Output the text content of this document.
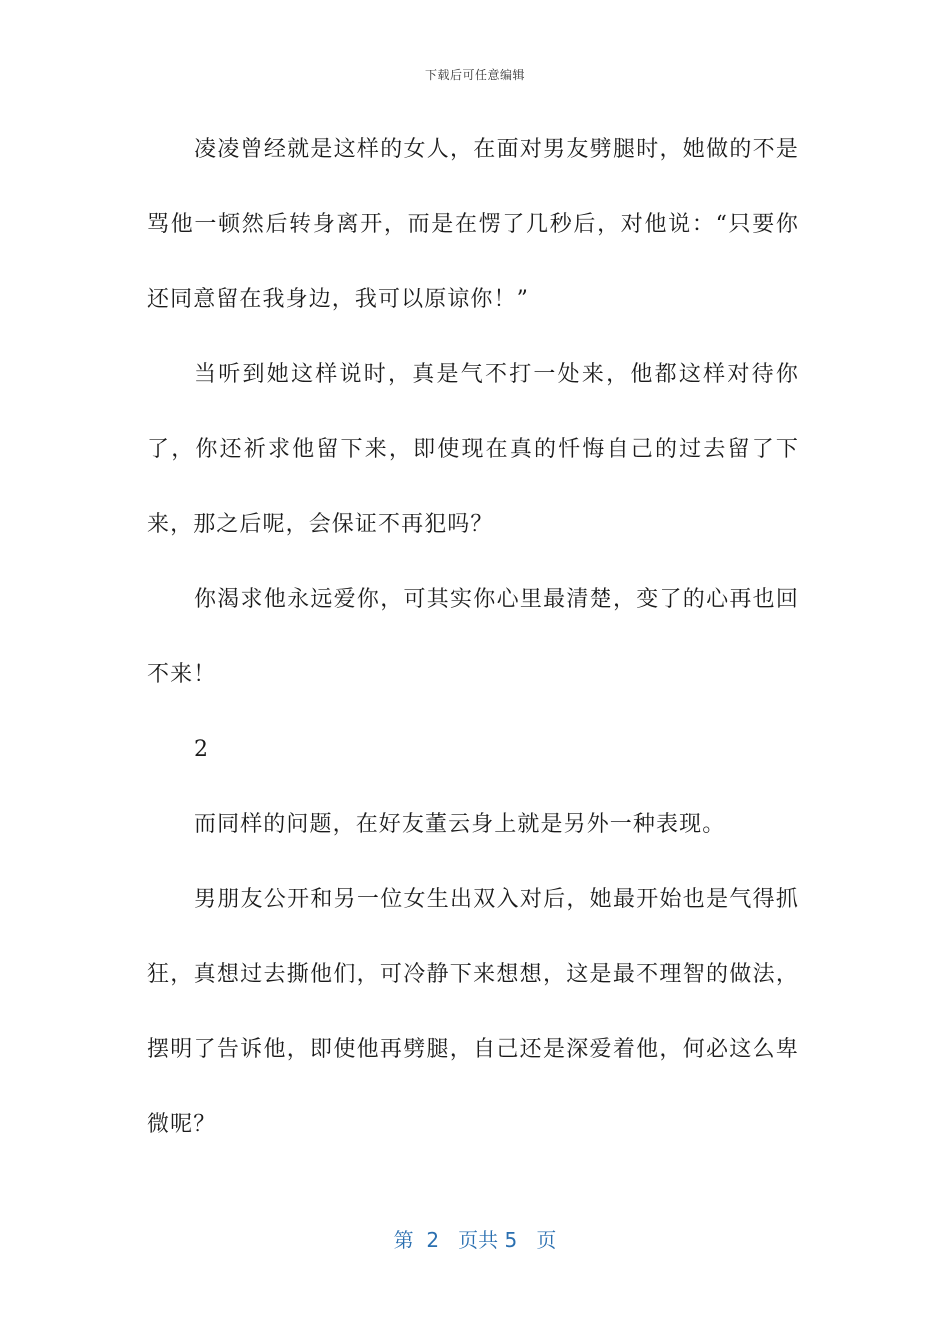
下载后可任意编辑

凌凌曾经就是这样的女人，在面对男友劈腿时，她做的不是骂他一顿然后转身离开，而是在愣了几秒后，对他说：“只要你还同意留在我身边，我可以原谅你！”

当听到她这样说时，真是气不打一处来，他都这样对待你了，你还祈求他留下来，即使现在真的忏悔自己的过去留了下来，那之后呢，会保证不再犯吗？

你渴求他永远爱你，可其实你心里最清楚，变了的心再也回不来！

2

而同样的问题，在好友董云身上就是另外一种表现。

男朋友公开和另一位女生出双入对后，她最开始也是气得抓狂，真想过去撕他们，可冷静下来想想，这是最不理智的做法，摆明了告诉他，即使他再劈腿，自己还是深爱着他，何必这么卑微呢？

第  2   页共 5   页
